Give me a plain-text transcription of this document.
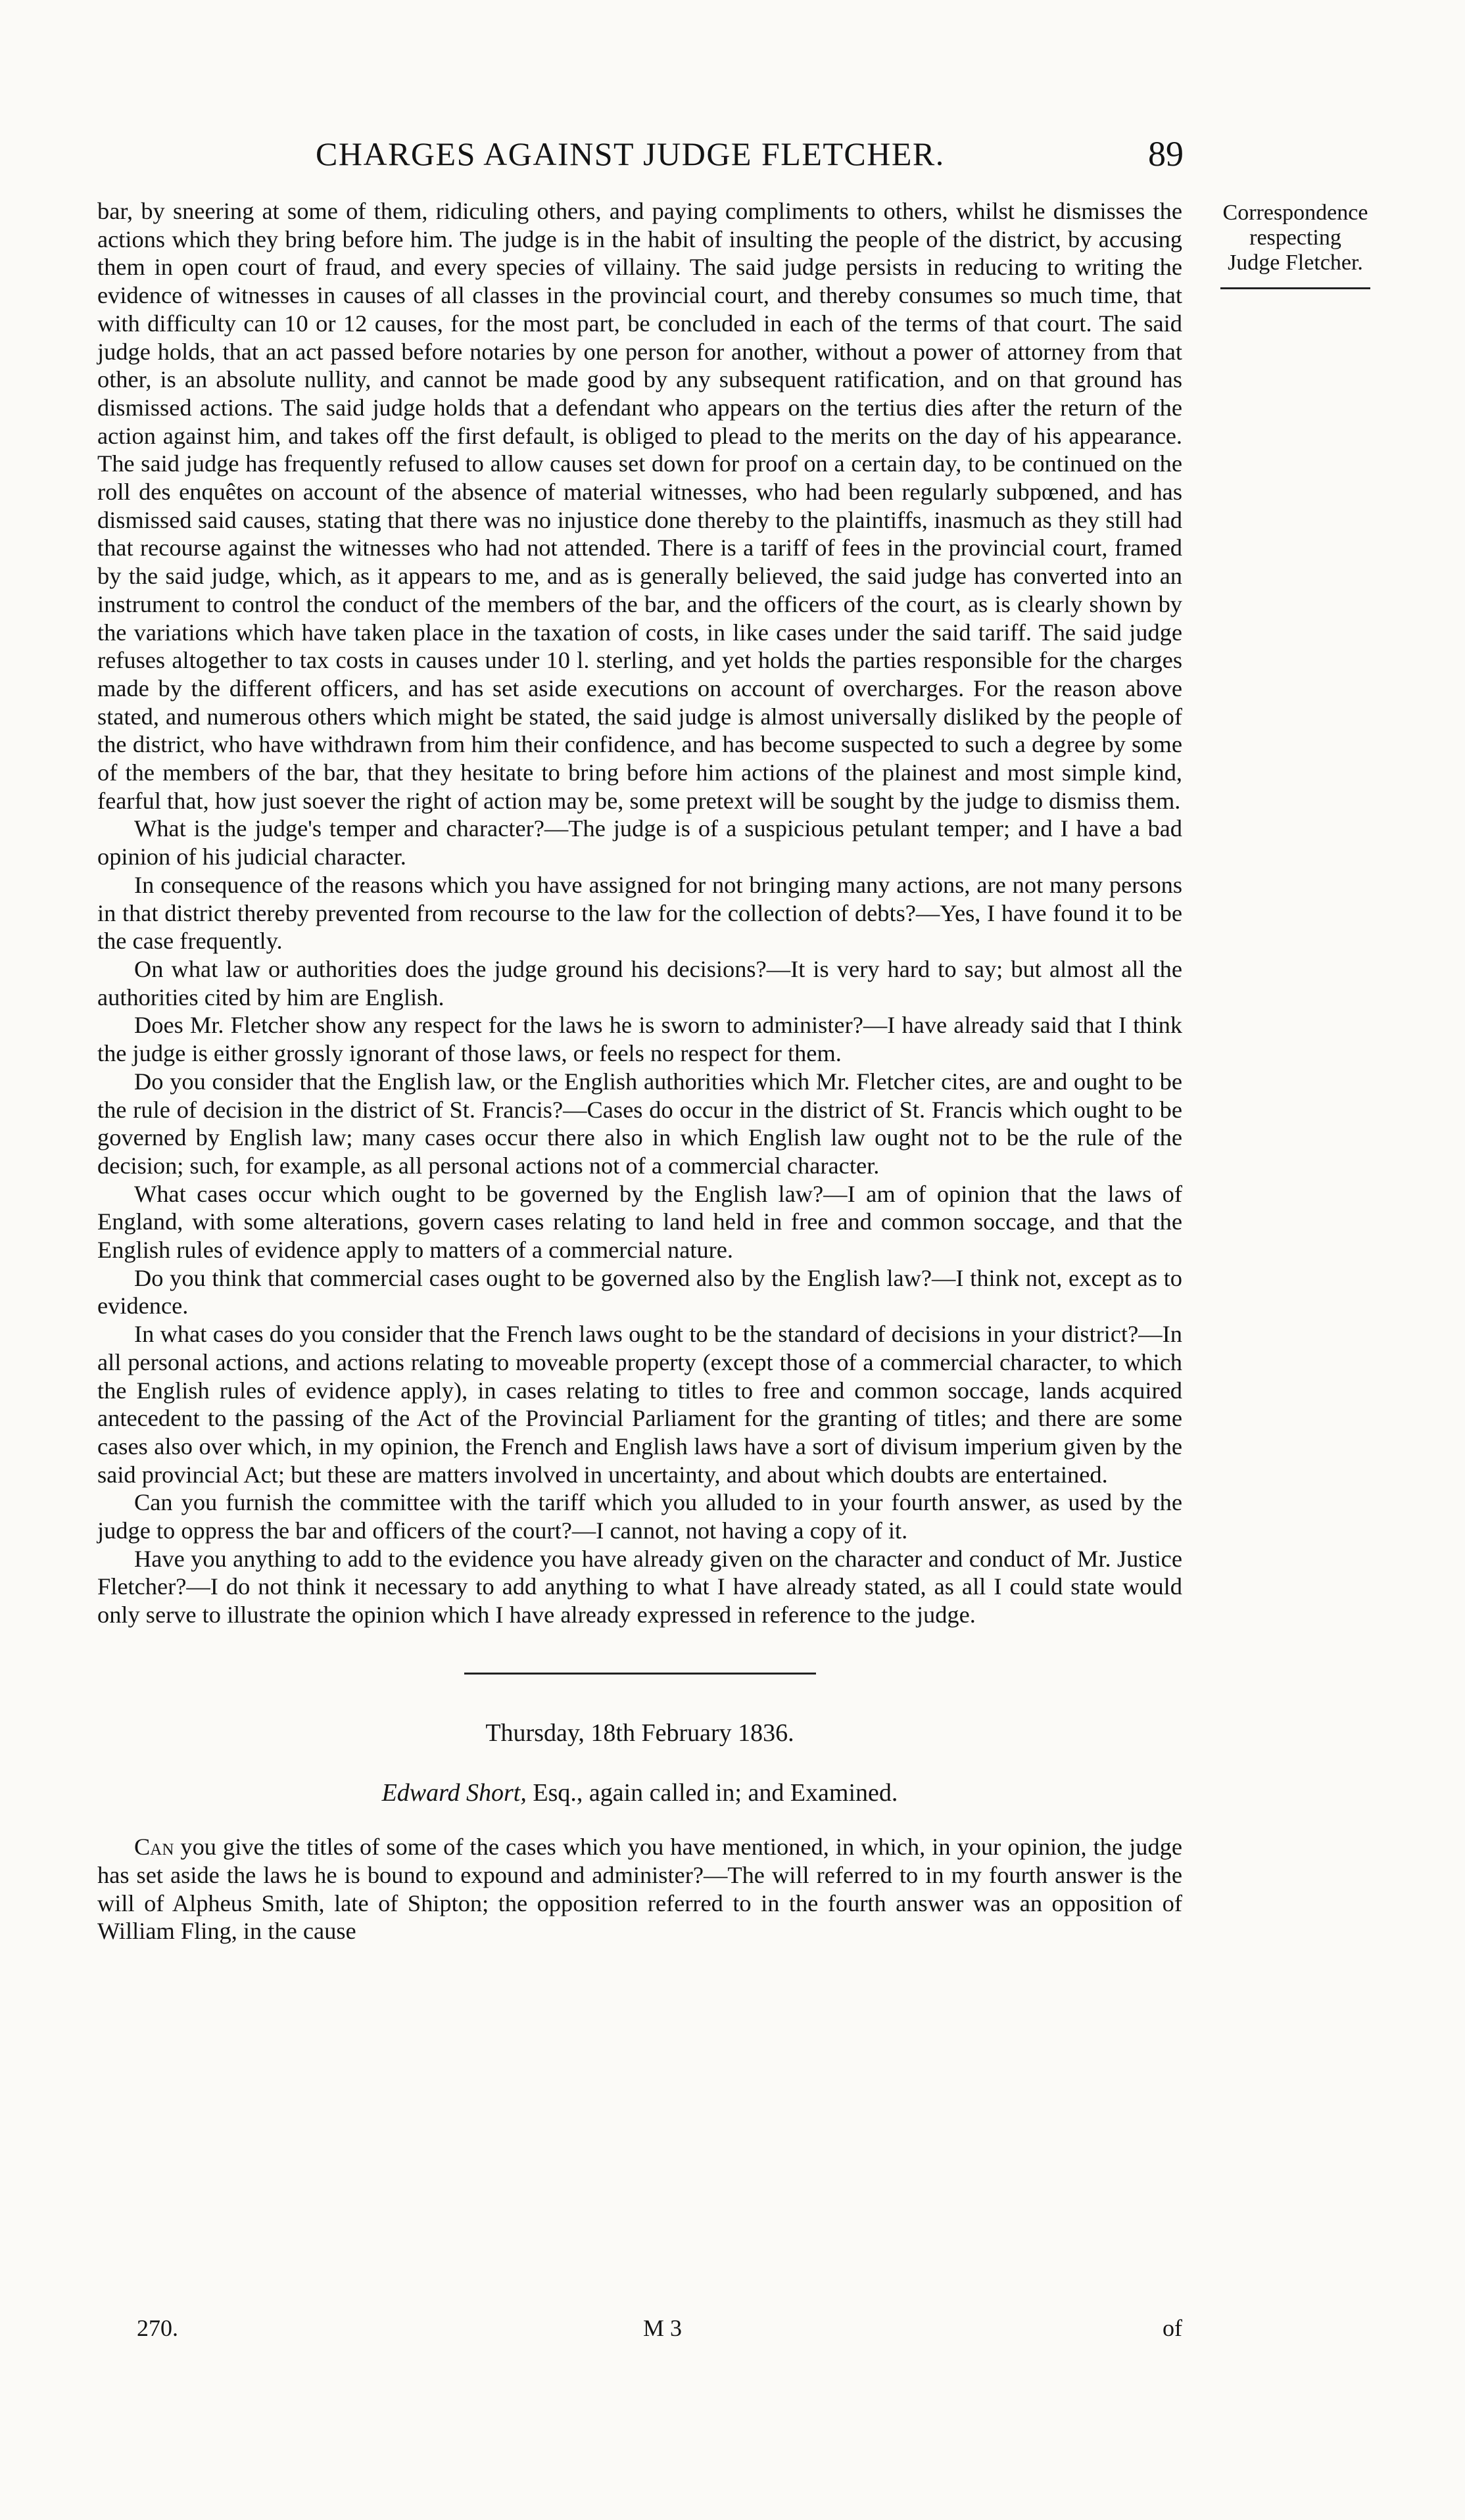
CHARGES AGAINST JUDGE FLETCHER.	89
Correspondence
respecting
Judge Fletcher.

bar, by sneering at some of them, ridiculing others, and paying compliments to others, whilst he dismisses the actions which they bring before him. The judge is in the habit of insulting the people of the district, by accusing them in open court of fraud, and every species of villainy. The said judge persists in reducing to writing the evidence of witnesses in causes of all classes in the provincial court, and thereby consumes so much time, that with difficulty can 10 or 12 causes, for the most part, be concluded in each of the terms of that court. The said judge holds, that an act passed before notaries by one person for another, without a power of attorney from that other, is an absolute nullity, and cannot be made good by any subsequent ratification, and on that ground has dismissed actions. The said judge holds that a defendant who appears on the tertius dies after the return of the action against him, and takes off the first default, is obliged to plead to the merits on the day of his appearance. The said judge has frequently refused to allow causes set down for proof on a certain day, to be continued on the roll des enquêtes on account of the absence of material witnesses, who had been regularly subpœned, and has dismissed said causes, stating that there was no injustice done thereby to the plaintiffs, inasmuch as they still had that recourse against the witnesses who had not attended. There is a tariff of fees in the provincial court, framed by the said judge, which, as it appears to me, and as is generally believed, the said judge has converted into an instrument to control the conduct of the members of the bar, and the officers of the court, as is clearly shown by the variations which have taken place in the taxation of costs, in like cases under the said tariff. The said judge refuses altogether to tax costs in causes under 10 l. sterling, and yet holds the parties responsible for the charges made by the different officers, and has set aside executions on account of overcharges. For the reason above stated, and numerous others which might be stated, the said judge is almost universally disliked by the people of the district, who have withdrawn from him their confidence, and has become suspected to such a degree by some of the members of the bar, that they hesitate to bring before him actions of the plainest and most simple kind, fearful that, how just soever the right of action may be, some pretext will be sought by the judge to dismiss them.

What is the judge's temper and character?—The judge is of a suspicious petulant temper; and I have a bad opinion of his judicial character.

In consequence of the reasons which you have assigned for not bringing many actions, are not many persons in that district thereby prevented from recourse to the law for the collection of debts?—Yes, I have found it to be the case frequently.

On what law or authorities does the judge ground his decisions?—It is very hard to say; but almost all the authorities cited by him are English.

Does Mr. Fletcher show any respect for the laws he is sworn to administer?—I have already said that I think the judge is either grossly ignorant of those laws, or feels no respect for them.

Do you consider that the English law, or the English authorities which Mr. Fletcher cites, are and ought to be the rule of decision in the district of St. Francis?—Cases do occur in the district of St. Francis which ought to be governed by English law; many cases occur there also in which English law ought not to be the rule of the decision; such, for example, as all personal actions not of a commercial character.

What cases occur which ought to be governed by the English law?—I am of opinion that the laws of England, with some alterations, govern cases relating to land held in free and common soccage, and that the English rules of evidence apply to matters of a commercial nature.

Do you think that commercial cases ought to be governed also by the English law?—I think not, except as to evidence.

In what cases do you consider that the French laws ought to be the standard of decisions in your district?—In all personal actions, and actions relating to moveable property (except those of a commercial character, to which the English rules of evidence apply), in cases relating to titles to free and common soccage, lands acquired antecedent to the passing of the Act of the Provincial Parliament for the granting of titles; and there are some cases also over which, in my opinion, the French and English laws have a sort of divisum imperium given by the said provincial Act; but these are matters involved in uncertainty, and about which doubts are entertained.

Can you furnish the committee with the tariff which you alluded to in your fourth answer, as used by the judge to oppress the bar and officers of the court?—I cannot, not having a copy of it.

Have you anything to add to the evidence you have already given on the character and conduct of Mr. Justice Fletcher?—I do not think it necessary to add anything to what I have already stated, as all I could state would only serve to illustrate the opinion which I have already expressed in reference to the judge.

Thursday, 18th February 1836.

Edward Short, Esq., again called in; and Examined.

Can you give the titles of some of the cases which you have mentioned, in which, in your opinion, the judge has set aside the laws he is bound to expound and administer?—The will referred to in my fourth answer is the will of Alpheus Smith, late of Shipton; the opposition referred to in the fourth answer was an opposition of William Fling, in the cause

270.	M 3	of
